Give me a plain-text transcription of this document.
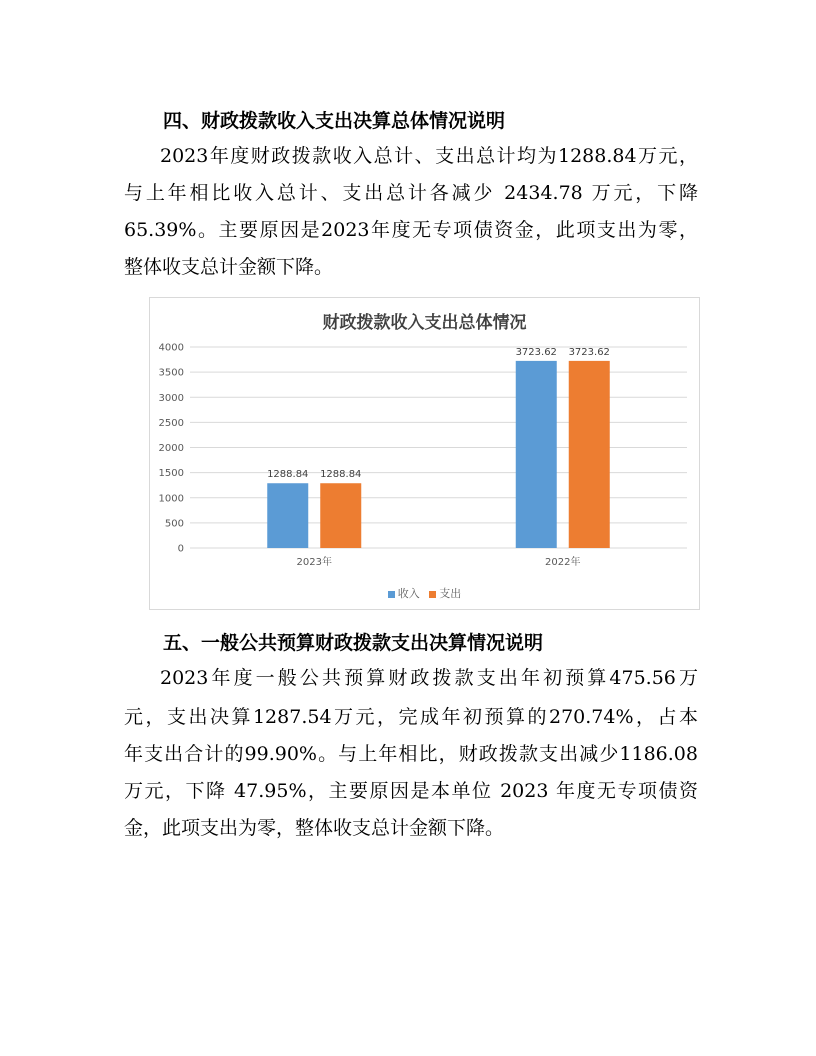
四、财政拨款收入支出决算总体情况说明
2023年度财政拨款收入总计、支出总计均为1288.84万元，
与上年相比收入总计、支出总计各减少 2434.78 万元，下降
65.39%。主要原因是2023年度无专项债资金，此项支出为零，
整体收支总计金额下降。
财政拨款收入支出总体情况
0
500
1000
1500
2000
2500
3000
3500
4000
1288.84 1288.84
2023年
3723.62 3723.62
2022年
收入 支出
五、一般公共预算财政拨款支出决算情况说明
2023年度一般公共预算财政拨款支出年初预算475.56万
元，支出决算1287.54万元，完成年初预算的270.74%，占本
年支出合计的99.90%。与上年相比，财政拨款支出减少1186.08
万元，下降 47.95%，主要原因是本单位 2023 年度无专项债资
金，此项支出为零，整体收支总计金额下降。
